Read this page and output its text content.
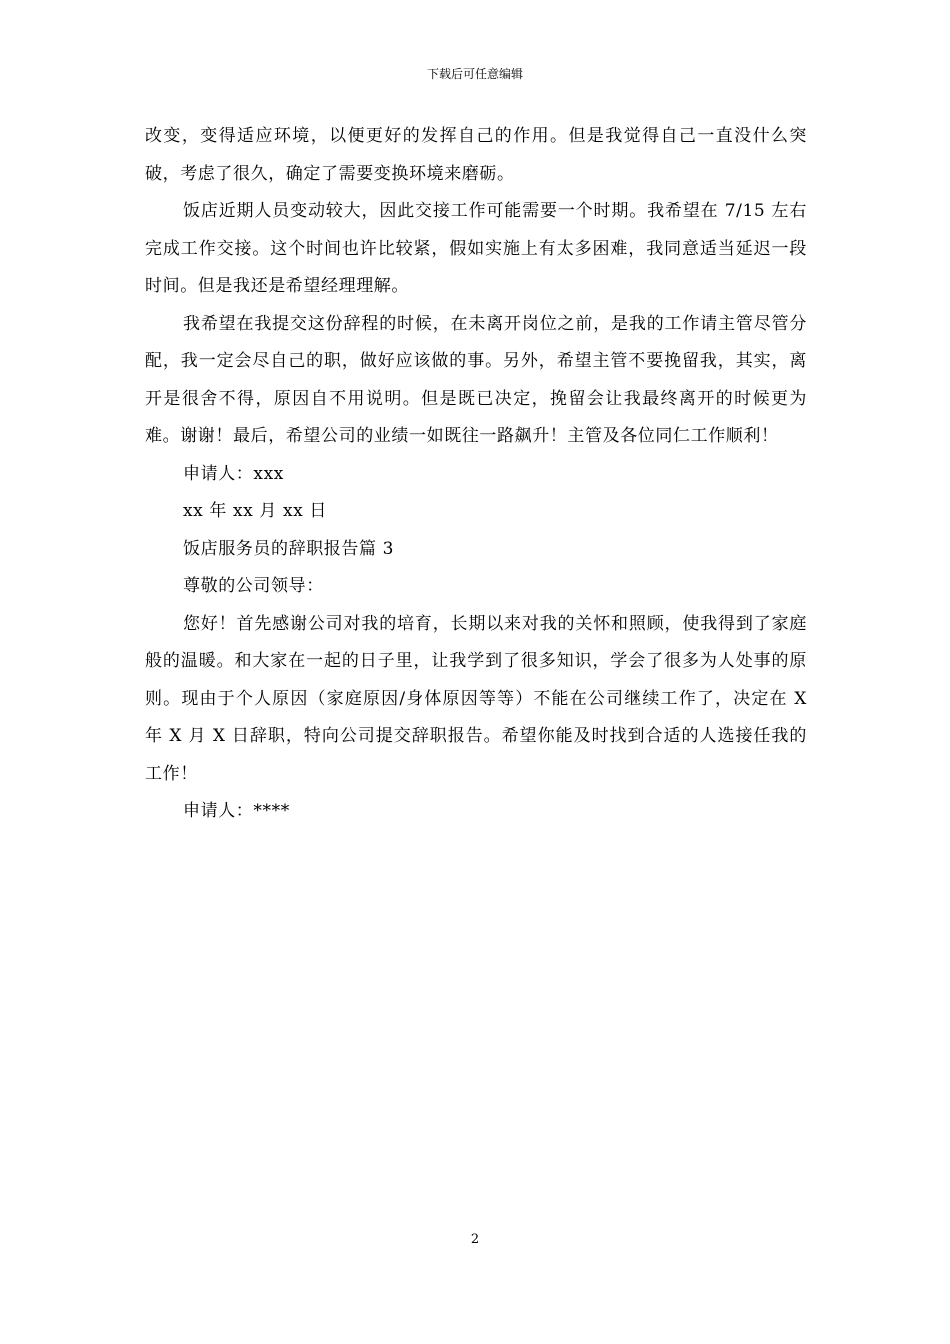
下载后可任意编辑

改变，变得适应环境，以便更好的发挥自己的作用。但是我觉得自己一直没什么突破，考虑了很久，确定了需要变换环境来磨砺。

饭店近期人员变动较大，因此交接工作可能需要一个时期。我希望在 7/15 左右完成工作交接。这个时间也许比较紧，假如实施上有太多困难，我同意适当延迟一段时间。但是我还是希望经理理解。

我希望在我提交这份辞程的时候，在未离开岗位之前，是我的工作请主管尽管分配，我一定会尽自己的职，做好应该做的事。另外，希望主管不要挽留我，其实，离开是很舍不得，原因自不用说明。但是既已决定，挽留会让我最终离开的时候更为难。谢谢！最后，希望公司的业绩一如既往一路飙升！主管及各位同仁工作顺利！

申请人：xxx

xx 年 xx 月 xx 日

饭店服务员的辞职报告篇 3

尊敬的公司领导：

您好！首先感谢公司对我的培育，长期以来对我的关怀和照顾，使我得到了家庭般的温暖。和大家在一起的日子里，让我学到了很多知识，学会了很多为人处事的原则。现由于个人原因（家庭原因/身体原因等等）不能在公司继续工作了，决定在 X 年 X 月 X 日辞职，特向公司提交辞职报告。希望你能及时找到合适的人选接任我的工作！

申请人：****

2
